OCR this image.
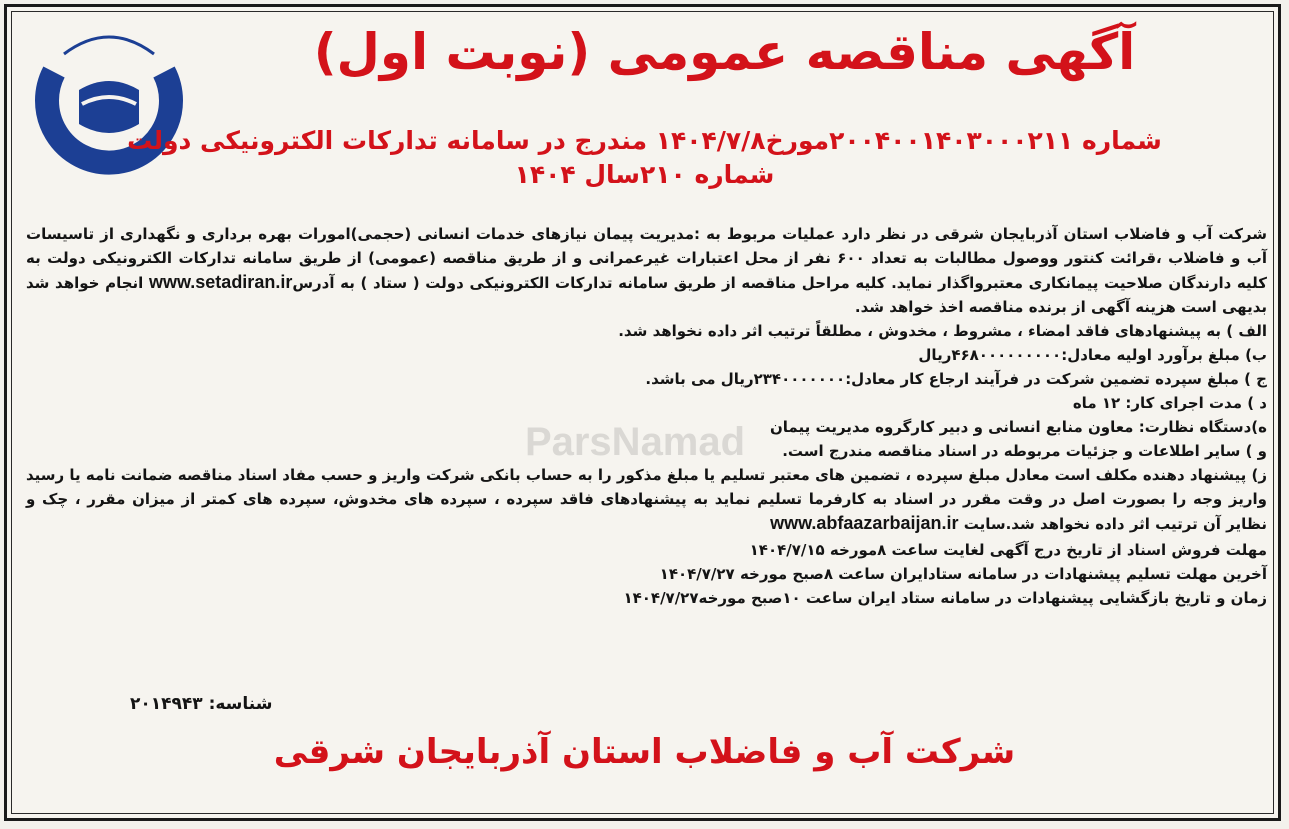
آگهی مناقصه عمومی (نوبت اول)
شماره ۲۰۰۴۰۰۱۴۰۳۰۰۰۲۱۱مورخ۱۴۰۴/۷/۸ مندرج در سامانه تدارکات الکترونیکی دولت
شماره ۲۱۰سال ۱۴۰۴
ParsNamad

شرکت آب و فاضلاب استان آذربایجان شرقی در نظر دارد عملیات مربوط به :مدیریت پیمان نیازهای خدمات انسانی (حجمی)امورات بهره برداری و نگهداری از تاسیسات آب و فاضلاب ،قرائت کنتور ووصول مطالبات به تعداد ۶۰۰ نفر از محل اعتبارات غیرعمرانی و از طریق مناقصه (عمومی) از طریق سامانه تدارکات الکترونیکی دولت به کلیه دارندگان صلاحیت پیمانکاری معتبرواگذار نماید. کلیه مراحل مناقصه از طریق سامانه تدارکات الکترونیکی دولت ( ستاد ) به آدرسwww.setadiran.ir انجام خواهد شد بدیهی است هزینه آگهی از برنده مناقصه اخذ خواهد شد.

الف ) به پیشنهادهای فاقد امضاء ، مشروط ، مخدوش ، مطلقاً ترتیب اثر داده نخواهد شد.
ب) مبلغ برآورد اولیه معادل:۴۶۸۰۰۰۰۰۰۰۰۰ریال
ج ) مبلغ سپرده تضمین شرکت در فرآیند ارجاع کار معادل:۲۳۴۰۰۰۰۰۰۰ریال می باشد.
د ) مدت اجرای کار: ۱۲ ماه
ه)دستگاه نظارت: معاون منابع انسانی و دبیر کارگروه مدیریت پیمان
و ) سایر اطلاعات و جزئیات مربوطه در اسناد مناقصه مندرج است.
ز) پیشنهاد دهنده مکلف است معادل مبلغ سپرده ، تضمین های معتبر تسلیم یا مبلغ مذکور را به حساب بانکی شرکت واریز و حسب مفاد اسناد مناقصه ضمانت نامه یا رسید واریز وجه را بصورت اصل در وقت مقرر در اسناد به کارفرما تسلیم نماید به پیشنهادهای فاقد سپرده ، سپرده های مخدوش، سپرده های کمتر از میزان مقرر ، چک و نظایر آن ترتیب اثر داده نخواهد شد.سایت www.abfaazarbaijan.ir
مهلت فروش اسناد از تاریخ درج آگهی لغایت ساعت ۸مورخه ۱۴۰۴/۷/۱۵
آخرین مهلت تسلیم پیشنهادات در سامانه ستادایران ساعت ۸صبح مورخه ۱۴۰۴/۷/۲۷
زمان و تاریخ بازگشایی پیشنهادات در سامانه ستاد ایران ساعت ۱۰صبح مورخه۱۴۰۴/۷/۲۷
شناسه: ۲۰۱۴۹۴۳
شرکت آب و فاضلاب استان آذربایجان شرقی
